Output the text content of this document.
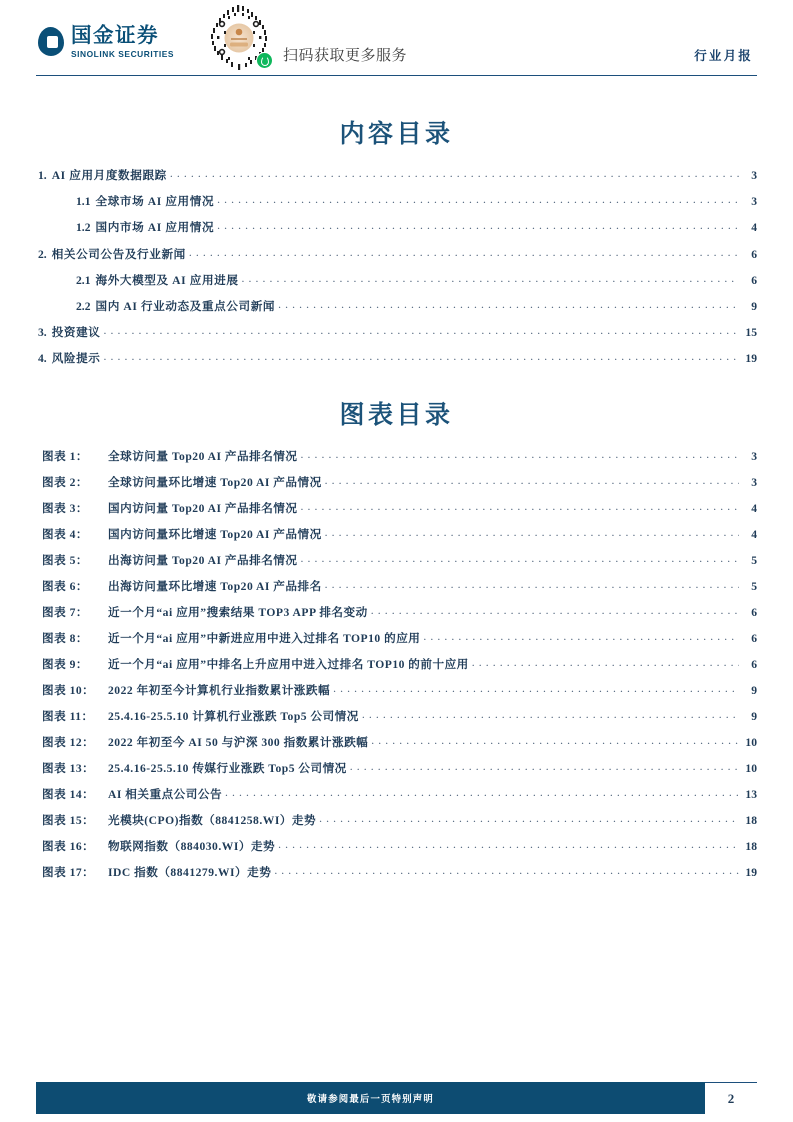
国金证券
SINOLINK SECURITIES	扫码获取更多服务	行业月报
内容目录
1. AI 应用月度数据跟踪 . . .	3
1.1 全球市场 AI 应用情况 . . .	3
1.2 国内市场 AI 应用情况 . . .	4
2. 相关公司公告及行业新闻 . . .	6
2.1 海外大模型及 AI 应用进展 . . .	6
2.2 国内 AI 行业动态及重点公司新闻 . . .	9
3. 投资建议 . . .	15
4. 风险提示 . . .	19
图表目录
图表 1：	全球访问量 Top20 AI 产品排名情况 . . .	3
图表 2：	全球访问量环比增速 Top20 AI 产品情况 . . .	3
图表 3：	国内访问量 Top20 AI 产品排名情况 . . .	4
图表 4：	国内访问量环比增速 Top20 AI 产品情况 . . .	4
图表 5：	出海访问量 Top20 AI 产品排名情况 . . .	5
图表 6：	出海访问量环比增速 Top20 AI 产品排名 . . .	5
图表 7：	近一个月“ai 应用”搜索结果 TOP3 APP 排名变动 . . .	6
图表 8：	近一个月“ai 应用”中新进应用中进入过排名 TOP10 的应用 . . .	6
图表 9：	近一个月“ai 应用”中排名上升应用中进入过排名 TOP10 的前十应用 . . .	6
图表 10：	2022 年初至今计算机行业指数累计涨跌幅 . . .	9
图表 11：	25.4.16-25.5.10 计算机行业涨跌 Top5 公司情况 . . .	9
图表 12：	2022 年初至今 AI 50 与沪深 300 指数累计涨跌幅 . . .	10
图表 13：	25.4.16-25.5.10 传媒行业涨跌 Top5 公司情况 . . .	10
图表 14：	AI 相关重点公司公告 . . .	13
图表 15：	光模块(CPO)指数（8841258.WI）走势 . . .	18
图表 16：	物联网指数（884030.WI）走势 . . .	18
图表 17：	IDC 指数（8841279.WI）走势 . . .	19
敬请参阅最后一页特别声明	2
